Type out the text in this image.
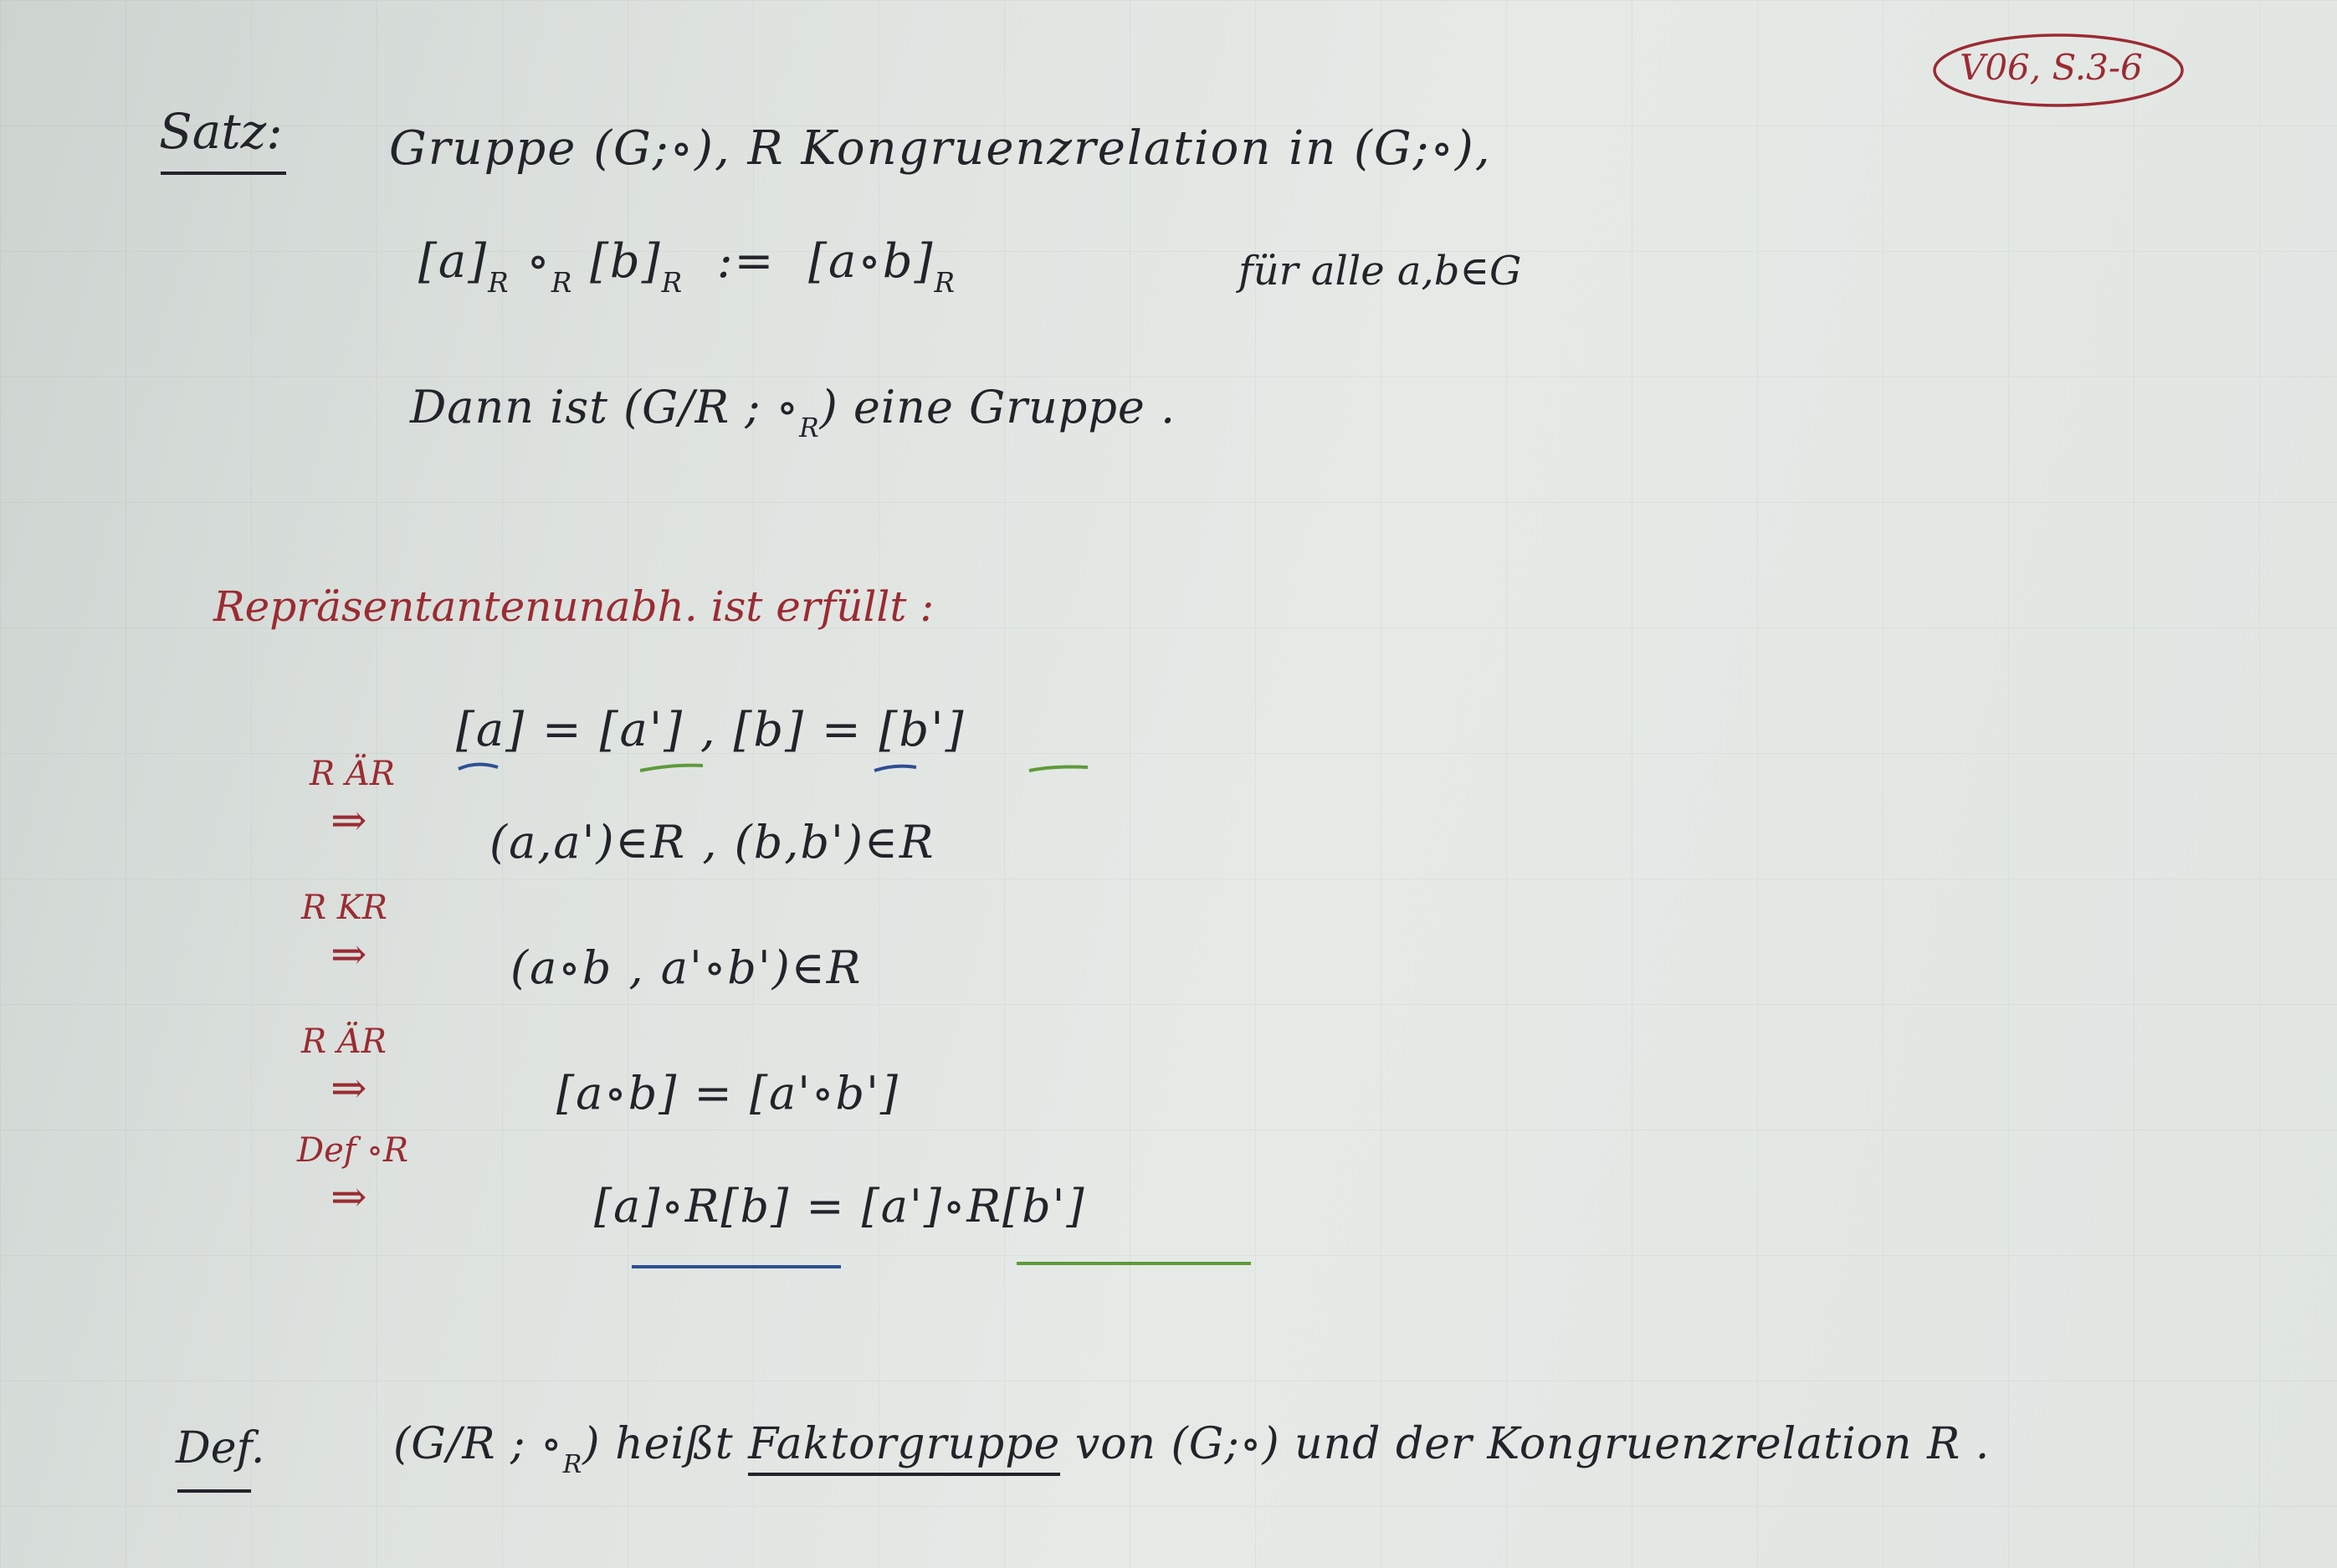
V06, S.3-6
Satz: Gruppe (G;∘), R Kongruenzrelation in (G;∘),
$[a]_R$ $\circ_R$ $[b]_R$ := $[a\circ b]_R$	für alle a,b∈G
Dann ist (G/R ; $\circ_R$) eine Gruppe .
Repräsentantenunabh. ist erfüllt :
R ÄR
⇒
[a] = [a'] , [b] = [b']
(a,a')∈R , (b,b')∈R
R KR
⇒	(a∘b , a'∘b')∈R
R ÄR
⇒	[a∘b] = [a'∘b']
Def ∘R
⇒	[a]∘R[b] = [a']∘R[b']
Def.	(G/R ; $\circ_R$) heißt Faktorgruppe von (G;∘) und der Kongruenzrelation R .
